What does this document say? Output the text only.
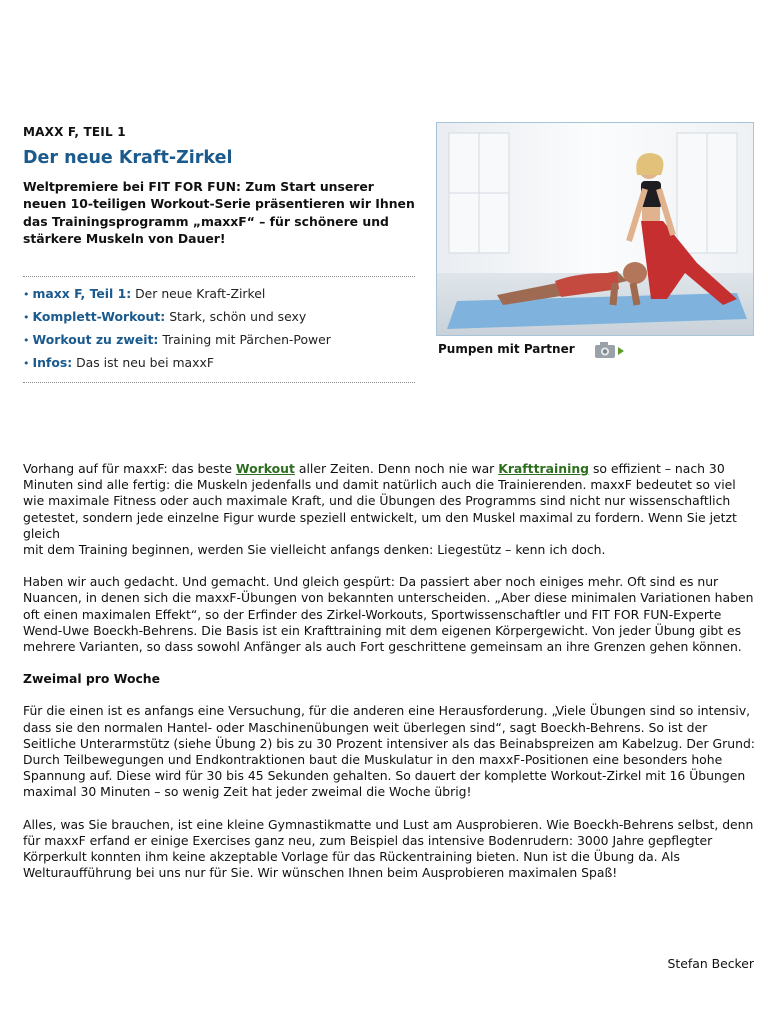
MAXX F, TEIL 1
Der neue Kraft-Zirkel
Weltpremiere bei FIT FOR FUN: Zum Start unserer neuen 10-teiligen Workout-Serie präsentieren wir Ihnen das Trainingsprogramm „maxxF“ – für schönere und stärkere Muskeln von Dauer!
• maxx F, Teil 1: Der neue Kraft-Zirkel
• Komplett-Workout: Stark, schön und sexy
• Workout zu zweit: Training mit Pärchen-Power
• Infos: Das ist neu bei maxxF
Pumpen mit Partner

Vorhang auf für maxxF: das beste Workout aller Zeiten. Denn noch nie war Krafttraining so effizient – nach 30 Minuten sind alle fertig: die Muskeln jedenfalls und damit natürlich auch die Trainierenden. maxxF bedeutet so viel wie maximale Fitness oder auch maximale Kraft, und die Übungen des Programms sind nicht nur wissenschaftlich getestet, sondern jede einzelne Figur wurde speziell entwickelt, um den Muskel maximal zu fordern. Wenn Sie jetzt gleich
mit dem Training beginnen, werden Sie vielleicht anfangs denken: Liegestütz – kenn ich doch.

Haben wir auch gedacht. Und gemacht. Und gleich gespürt: Da passiert aber noch einiges mehr. Oft sind es nur Nuancen, in denen sich die maxxF-Übungen von bekannten unterscheiden. „Aber diese minimalen Variationen haben oft einen maximalen Effekt“, so der Erfinder des Zirkel-Workouts, Sportwissenschaftler und FIT FOR FUN-Experte Wend-Uwe Boeckh-Behrens. Die Basis ist ein Krafttraining mit dem eigenen Körpergewicht. Von jeder Übung gibt es mehrere Varianten, so dass sowohl Anfänger als auch Fort geschrittene gemeinsam an ihre Grenzen gehen können.

Zweimal pro Woche

Für die einen ist es anfangs eine Versuchung, für die anderen eine Herausforderung. „Viele Übungen sind so intensiv, dass sie den normalen Hantel- oder Maschinenübungen weit überlegen sind“, sagt Boeckh-Behrens. So ist der Seitliche Unterarmstütz (siehe Übung 2) bis zu 30 Prozent intensiver als das Beinabspreizen am Kabelzug. Der Grund: Durch Teilbewegungen und Endkontraktionen baut die Muskulatur in den maxxF-Positionen eine besonders hohe Spannung auf. Diese wird für 30 bis 45 Sekunden gehalten. So dauert der komplette Workout-Zirkel mit 16 Übungen maximal 30 Minuten – so wenig Zeit hat jeder zweimal die Woche übrig!

Alles, was Sie brauchen, ist eine kleine Gymnastikmatte und Lust am Ausprobieren. Wie Boeckh-Behrens selbst, denn für maxxF erfand er einige Exercises ganz neu, zum Beispiel das intensive Bodenrudern: 3000 Jahre gepflegter Körperkult konnten ihm keine akzeptable Vorlage für das Rückentraining bieten. Nun ist die Übung da. Als Welturaufführung bei uns nur für Sie. Wir wünschen Ihnen beim Ausprobieren maximalen Spaß!

Stefan Becker
